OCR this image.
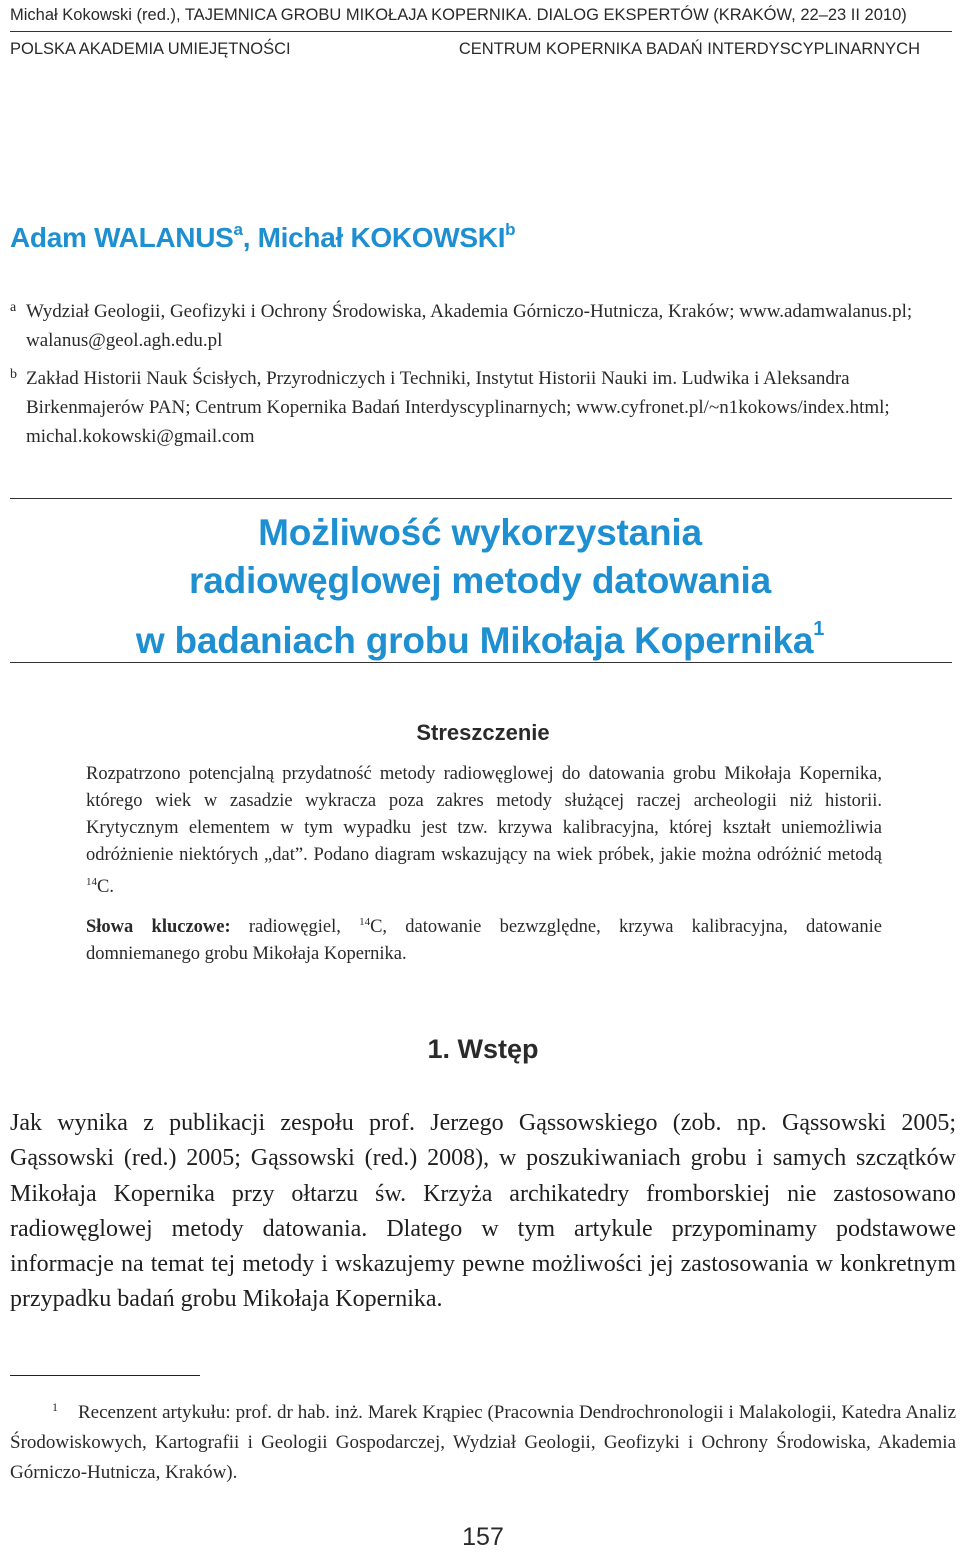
Michał Kokowski (red.), TAJEMNICA GROBU MIKOŁAJA KOPERNIKA. DIALOG EKSPERTÓW (KRAKÓW, 22–23 II 2010)
POLSKA AKADEMIA UMIEJĘTNOŚCI	CENTRUM KOPERNIKA BADAŃ INTERDYSCYPLINARNYCH
Adam WALANUS$^a$, Michał KOKOWSKI$^b$
a Wydział Geologii, Geofizyki i Ochrony Środowiska, Akademia Górniczo-Hutnicza, Kraków; www.adamwalanus.pl; walanus@geol.agh.edu.pl
b Zakład Historii Nauk Ścisłych, Przyrodniczych i Techniki, Instytut Historii Nauki im. Ludwika i Aleksandra Birkenmajerów PAN; Centrum Kopernika Badań Interdyscyplinarnych; www.cyfronet.pl/~n1kokows/index.html; michal.kokowski@gmail.com
Możliwość wykorzystania
radiowęglowej metody datowania
w badaniach grobu Mikołaja Kopernika$^1$
Streszczenie
Rozpatrzono potencjalną przydatność metody radiowęglowej do datowania grobu Mikołaja Kopernika, którego wiek w zasadzie wykracza poza zakres metody służącej raczej archeologii niż historii. Krytycznym elementem w tym wypadku jest tzw. krzywa kalibracyjna, której kształt uniemożliwia odróżnienie niektórych „dat”. Podano diagram wskazujący na wiek próbek, jakie można odróżnić metodą $^{14}$C.
Słowa kluczowe: radiowęgiel, $^{14}$C, datowanie bezwzględne, krzywa kalibracyjna, datowanie domniemanego grobu Mikołaja Kopernika.
1. Wstęp
Jak wynika z publikacji zespołu prof. Jerzego Gąssowskiego (zob. np. Gąssowski 2005; Gąssowski (red.) 2005; Gąssowski (red.) 2008), w poszukiwaniach grobu i samych szczątków Mikołaja Kopernika przy ołtarzu św. Krzyża archikatedry fromborskiej nie zastosowano radiowęglowej metody datowania. Dlatego w tym artykule przypominamy podstawowe informacje na temat tej metody i wskazujemy pewne możliwości jej zastosowania w konkretnym przypadku badań grobu Mikołaja Kopernika.
$^1$ Recenzent artykułu: prof. dr hab. inż. Marek Krąpiec (Pracownia Dendrochronologii i Malakologii, Katedra Analiz Środowiskowych, Kartografii i Geologii Gospodarczej, Wydział Geologii, Geofizyki i Ochrony Środowiska, Akademia Górniczo-Hutnicza, Kraków).
157
